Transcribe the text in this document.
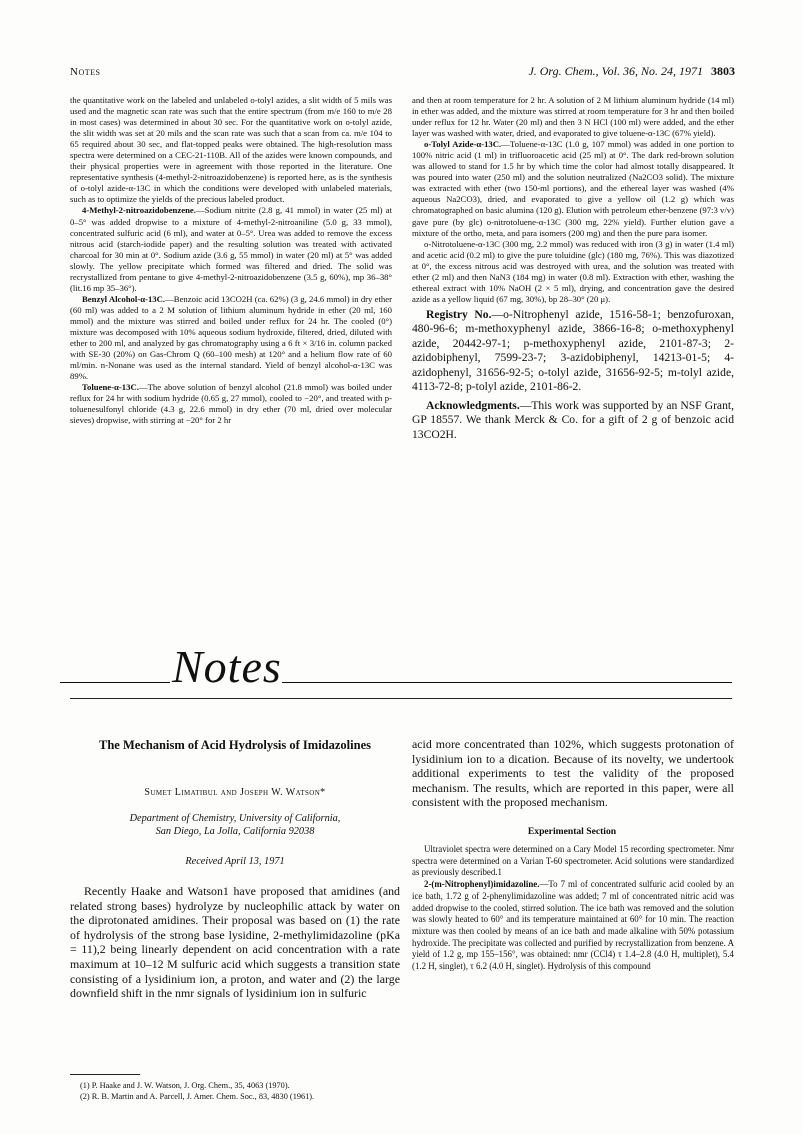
Notes	J. Org. Chem., Vol. 36, No. 24, 1971 3803
the quantitative work on the labeled and unlabeled o-tolyl azides, a slit width of 5 mils was used and the magnetic scan rate was such that the entire spectrum (from m/e 160 to m/e 28 in most cases) was determined in about 30 sec. For the quantitative work on o-tolyl azide, the slit width was set at 20 mils and the scan rate was such that a scan from ca. m/e 104 to 65 required about 30 sec, and flat-topped peaks were obtained. The high-resolution mass spectra were determined on a CEC-21-110B. All of the azides were known compounds, and their physical properties were in agreement with those reported in the literature. One representative synthesis (4-methyl-2-nitroazidobenzene) is reported here, as is the synthesis of o-tolyl azide-α-13C in which the conditions were developed with unlabeled materials, such as to optimize the yields of the precious labeled product.
4-Methyl-2-nitroazidobenzene.—Sodium nitrite (2.8 g, 41 mmol) in water (25 ml) at 0–5° was added dropwise to a mixture of 4-methyl-2-nitroaniline (5.0 g, 33 mmol), concentrated sulfuric acid (6 ml), and water at 0–5°. Urea was added to remove the excess nitrous acid (starch-iodide paper) and the resulting solution was treated with activated charcoal for 30 min at 0°. Sodium azide (3.6 g, 55 mmol) in water (20 ml) at 5° was added slowly. The yellow precipitate which formed was filtered and dried. The solid was recrystallized from pentane to give 4-methyl-2-nitroazidobenzene (3.5 g, 60%), mp 36–38° (lit.16 mp 35–36°).
Benzyl Alcohol-α-13C.—Benzoic acid 13CO2H (ca. 62%) (3 g, 24.6 mmol) in dry ether (60 ml) was added to a 2 M solution of lithium aluminum hydride in ether (20 ml, 160 mmol) and the mixture was stirred and boiled under reflux for 24 hr. The cooled (0°) mixture was decomposed with 10% aqueous sodium hydroxide, filtered, dried, diluted with ether to 200 ml, and analyzed by gas chromatography using a 6 ft × 3/16 in. column packed with SE-30 (20%) on Gas-Chrom Q (60–100 mesh) at 120° and a helium flow rate of 60 ml/min. n-Nonane was used as the internal standard. Yield of benzyl alcohol-α-13C was 89%.
Toluene-α-13C.—The above solution of benzyl alcohol (21.8 mmol) was boiled under reflux for 24 hr with sodium hydride (0.65 g, 27 mmol), cooled to −20°, and treated with p-toluenesulfonyl chloride (4.3 g, 22.6 mmol) in dry ether (70 ml, dried over molecular sieves) dropwise, with stirring at −20° for 2 hr
and then at room temperature for 2 hr. A solution of 2 M lithium aluminum hydride (14 ml) in ether was added, and the mixture was stirred at room temperature for 3 hr and then boiled under reflux for 12 hr. Water (20 ml) and then 3 N HCl (100 ml) were added, and the ether layer was washed with water, dried, and evaporated to give toluene-α-13C (67% yield).
o-Tolyl Azide-α-13C.—Toluene-α-13C (1.0 g, 107 mmol) was added in one portion to 100% nitric acid (1 ml) in trifluoroacetic acid (25 ml) at 0°. The dark red-brown solution was allowed to stand for 1.5 hr by which time the color had almost totally disappeared. It was poured into water (250 ml) and the solution neutralized (Na2CO3 solid). The mixture was extracted with ether (two 150-ml portions), and the ethereal layer was washed (4% aqueous Na2CO3), dried, and evaporated to give a yellow oil (1.2 g) which was chromatographed on basic alumina (120 g). Elution with petroleum ether-benzene (97:3 v/v) gave pure (by glc) o-nitrotoluene-α-13C (300 mg, 22% yield). Further elution gave a mixture of the ortho, meta, and para isomers (200 mg) and then the pure para isomer.
o-Nitrotoluene-α-13C (300 mg, 2.2 mmol) was reduced with iron (3 g) in water (1.4 ml) and acetic acid (0.2 ml) to give the pure toluidine (glc) (180 mg, 76%). This was diazotized at 0°, the excess nitrous acid was destroyed with urea, and the solution was treated with ether (2 ml) and then NaN3 (184 mg) in water (0.8 ml). Extraction with ether, washing the ethereal extract with 10% NaOH (2 × 5 ml), drying, and concentration gave the desired azide as a yellow liquid (67 mg, 30%), bp 28–30° (20 μ).

Registry No.—o-Nitrophenyl azide, 1516-58-1; benzofuroxan, 480-96-6; m-methoxyphenyl azide, 3866-16-8; o-methoxyphenyl azide, 20442-97-1; p-methoxyphenyl azide, 2101-87-3; 2-azidobiphenyl, 7599-23-7; 3-azidobiphenyl, 14213-01-5; 4-azidophenyl, 31656-92-5; o-tolyl azide, 31656-92-5; m-tolyl azide, 4113-72-8; p-tolyl azide, 2101-86-2.

Acknowledgments.—This work was supported by an NSF Grant, GP 18557. We thank Merck & Co. for a gift of 2 g of benzoic acid 13CO2H.

Notes
The Mechanism of Acid Hydrolysis of Imidazolines
Sumet Limatibul and Joseph W. Watson*
Department of Chemistry, University of California,
San Diego, La Jolla, California 92038
Received April 13, 1971

Recently Haake and Watson1 have proposed that amidines (and related strong bases) hydrolyze by nucleophilic attack by water on the diprotonated amidines. Their proposal was based on (1) the rate of hydrolysis of the strong base lysidine, 2-methylimidazoline (pKa = 11),2 being linearly dependent on acid concentration with a rate maximum at 10–12 M sulfuric acid which suggests a transition state consisting of a lysidinium ion, a proton, and water and (2) the large downfield shift in the nmr signals of lysidinium ion in sulfuric

acid more concentrated than 102%, which suggests protonation of lysidinium ion to a dication. Because of its novelty, we undertook additional experiments to test the validity of the proposed mechanism. The results, which are reported in this paper, were all consistent with the proposed mechanism.

Experimental Section
Ultraviolet spectra were determined on a Cary Model 15 recording spectrometer. Nmr spectra were determined on a Varian T-60 spectrometer. Acid solutions were standardized as previously described.1
2-(m-Nitrophenyl)imidazoline.—To 7 ml of concentrated sulfuric acid cooled by an ice bath, 1.72 g of 2-phenylimidazoline was added; 7 ml of concentrated nitric acid was added dropwise to the cooled, stirred solution. The ice bath was removed and the solution was slowly heated to 60° and its temperature maintained at 60° for 10 min. The reaction mixture was then cooled by means of an ice bath and made alkaline with 50% potassium hydroxide. The precipitate was collected and purified by recrystallization from benzene. A yield of 1.2 g, mp 155–156°, was obtained: nmr (CCl4) τ 1.4–2.8 (4.0 H, multiplet), 5.4 (1.2 H, singlet), τ 6.2 (4.0 H, singlet). Hydrolysis of this compound
(1) P. Haake and J. W. Watson, J. Org. Chem., 35, 4063 (1970).
(2) R. B. Martin and A. Parcell, J. Amer. Chem. Soc., 83, 4830 (1961).
